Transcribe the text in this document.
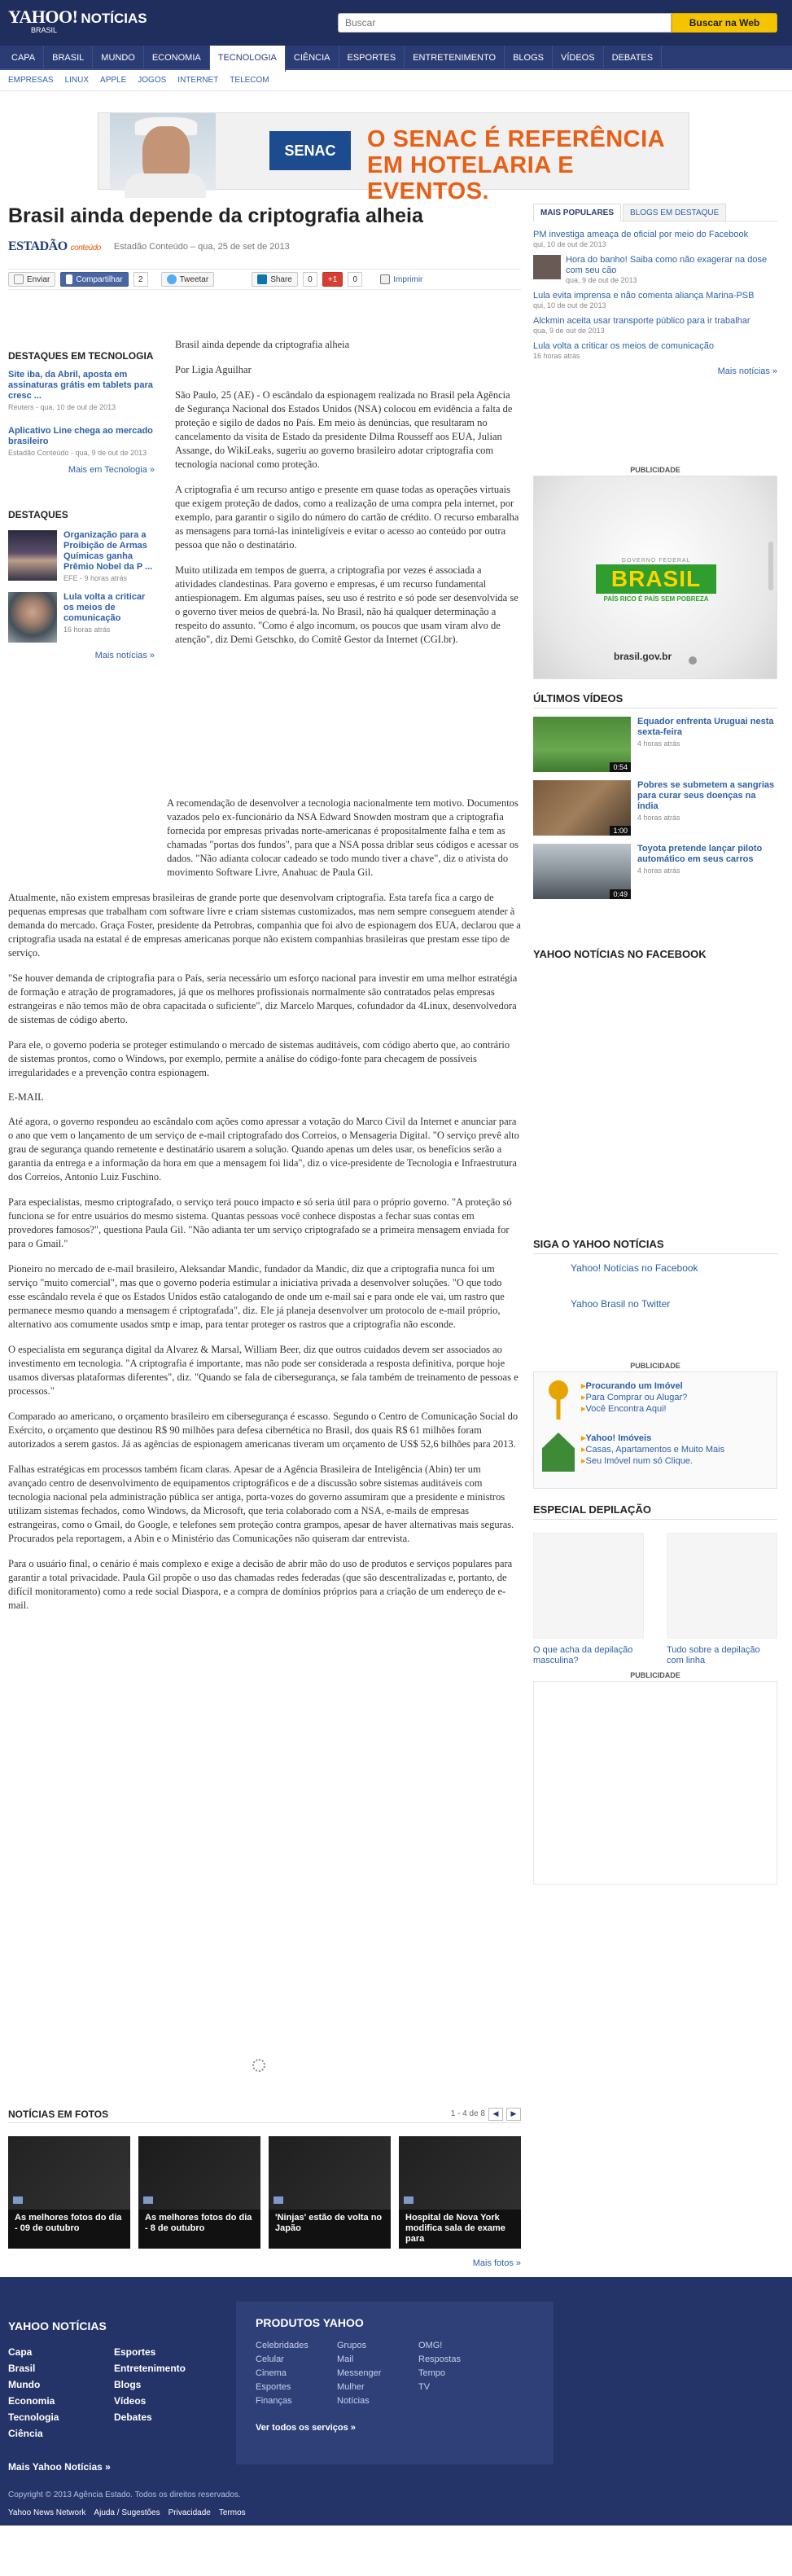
YAHOO! NOTÍCIAS
BRASIL
Buscar
Buscar na Web
CAPA	BRASIL	MUNDO	ECONOMIA	TECNOLOGIA	CIÊNCIA	ESPORTES	ENTRETENIMENTO	BLOGS	VÍDEOS	DEBATES
EMPRESAS LINUX APPLE JOGOS INTERNET TELECOM
SENAC	O SENAC É REFERÊNCIA
EM HOTELARIA E EVENTOS.
Brasil ainda depende da criptografia alheia
ESTADÃO conteúdo Estadão Conteúdo – qua, 25 de set de 2013
Enviar	Compartilhar	2	Tweetar	Share	0	+1	0	Imprimir
DESTAQUES EM TECNOLOGIA
Site iba, da Abril, aposta em assinaturas grátis em tablets para cresc ...
Reuters - qua, 10 de out de 2013
Aplicativo Line chega ao mercado brasileiro
Estadão Conteúdo - qua, 9 de out de 2013
Mais em Tecnologia »
DESTAQUES
Organização para a Proibição de Armas Químicas ganha Prêmio Nobel da P ...
EFE - 9 horas atrás
Lula volta a criticar os meios de comunicação
16 horas atrás
Mais notícias »

Brasil ainda depende da criptografia alheia

Por Ligia Aguilhar

São Paulo, 25 (AE) - O escândalo da espionagem realizada no Brasil pela Agência de Segurança Nacional dos Estados Unidos (NSA) colocou em evidência a falta de proteção e sigilo de dados no País. Em meio às denúncias, que resultaram no cancelamento da visita de Estado da presidente Dilma Rousseff aos EUA, Julian Assange, do WikiLeaks, sugeriu ao governo brasileiro adotar criptografia com tecnologia nacional como proteção.

A criptografia é um recurso antigo e presente em quase todas as operações virtuais que exigem proteção de dados, como a realização de uma compra pela internet, por exemplo, para garantir o sigilo do número do cartão de crédito. O recurso embaralha as mensagens para torná-las ininteligíveis e evitar o acesso ao conteúdo por outra pessoa que não o destinatário.

Muito utilizada em tempos de guerra, a criptografia por vezes é associada a atividades clandestinas. Para governo e empresas, é um recurso fundamental antiespionagem. Em algumas países, seu uso é restrito e só pode ser desenvolvida se o governo tiver meios de quebrá-la. No Brasil, não há qualquer determinação a respeito do assunto. "Como é algo incomum, os poucos que usam viram alvo de atenção", diz Demi Getschko, do Comitê Gestor da Internet (CGI.br).

A recomendação de desenvolver a tecnologia nacionalmente tem motivo. Documentos vazados pelo ex-funcionário da NSA Edward Snowden mostram que a criptografia fornecida por empresas privadas norte-americanas é propositalmente falha e tem as chamadas "portas dos fundos", para que a NSA possa driblar seus códigos e acessar os dados. "Não adianta colocar cadeado se todo mundo tiver a chave", diz o ativista do movimento Software Livre, Anahuac de Paula Gil.

Atualmente, não existem empresas brasileiras de grande porte que desenvolvam criptografia. Esta tarefa fica a cargo de pequenas empresas que trabalham com software livre e criam sistemas customizados, mas nem sempre conseguem atender à demanda do mercado. Graça Foster, presidente da Petrobras, companhia que foi alvo de espionagem dos EUA, declarou que a criptografia usada na estatal é de empresas americanas porque não existem companhias brasileiras que prestam esse tipo de serviço.

"Se houver demanda de criptografia para o País, seria necessário um esforço nacional para investir em uma melhor estratégia de formação e atração de programadores, já que os melhores profissionais normalmente são contratados pelas empresas estrangeiras e não temos mão de obra capacitada o suficiente", diz Marcelo Marques, cofundador da 4Linux, desenvolvedora de sistemas de código aberto.

Para ele, o governo poderia se proteger estimulando o mercado de sistemas auditáveis, com código aberto que, ao contrário de sistemas prontos, como o Windows, por exemplo, permite a análise do código-fonte para checagem de possíveis irregularidades e a prevenção contra espionagem.

E-MAIL

Até agora, o governo respondeu ao escândalo com ações como apressar a votação do Marco Civil da Internet e anunciar para o ano que vem o lançamento de um serviço de e-mail criptografado dos Correios, o Mensageria Digital. "O serviço prevê alto grau de segurança quando remetente e destinatário usarem a solução. Quando apenas um deles usar, os benefícios serão a garantia da entrega e a informação da hora em que a mensagem foi lida", diz o vice-presidente de Tecnologia e Infraestrutura dos Correios, Antonio Luiz Fuschino.

Para especialistas, mesmo criptografado, o serviço terá pouco impacto e só seria útil para o próprio governo. "A proteção só funciona se for entre usuários do mesmo sistema. Quantas pessoas você conhece dispostas a fechar suas contas em provedores famosos?", questiona Paula Gil. "Não adianta ter um serviço criptografado se a primeira mensagem enviada for para o Gmail."

Pioneiro no mercado de e-mail brasileiro, Aleksandar Mandic, fundador da Mandic, diz que a criptografia nunca foi um serviço "muito comercial", mas que o governo poderia estimular a iniciativa privada a desenvolver soluções. "O que todo esse escândalo revela é que os Estados Unidos estão catalogando de onde um e-mail sai e para onde ele vai, um rastro que permanece mesmo quando a mensagem é criptografada", diz. Ele já planeja desenvolver um protocolo de e-mail próprio, alternativo aos comumente usados smtp e imap, para tentar proteger os rastros que a criptografia não esconde.

O especialista em segurança digital da Alvarez & Marsal, William Beer, diz que outros cuidados devem ser associados ao investimento em tecnologia. "A criptografia é importante, mas não pode ser considerada a resposta definitiva, porque hoje usamos diversas plataformas diferentes", diz. "Quando se fala de cibersegurança, se fala também de treinamento de pessoas e processos."

Comparado ao americano, o orçamento brasileiro em cibersegurança é escasso. Segundo o Centro de Comunicação Social do Exército, o orçamento que destinou R$ 90 milhões para defesa cibernética no Brasil, dos quais R$ 61 milhões foram autorizados a serem gastos. Já as agências de espionagem americanas tiveram um orçamento de US$ 52,6 bilhões para 2013.

Falhas estratégicas em processos também ficam claras. Apesar de a Agência Brasileira de Inteligência (Abin) ter um avançado centro de desenvolvimento de equipamentos criptográficos e de a discussão sobre sistemas auditáveis com tecnologia nacional pela administração pública ser antiga, porta-vozes do governo assumiram que a presidente e ministros utilizam sistemas fechados, como Windows, da Microsoft, que teria colaborado com a NSA, e-mails de empresas estrangeiras, como o Gmail, do Google, e telefones sem proteção contra grampos, apesar de haver alternativas mais seguras. Procurados pela reportagem, a Abin e o Ministério das Comunicações não quiseram dar entrevista.

Para o usuário final, o cenário é mais complexo e exige a decisão de abrir mão do uso de produtos e serviços populares para garantir a total privacidade. Paula Gil propõe o uso das chamadas redes federadas (que são descentralizadas e, portanto, de difícil monitoramento) como a rede social Diaspora, e a compra de domínios próprios para a criação de um endereço de e-mail.

NOTÍCIAS EM FOTOS	1 - 4 de 8	◀	▶
As melhores fotos do dia - 09 de outubro
As melhores fotos do dia - 8 de outubro
'Ninjas' estão de volta no Japão
Hospital de Nova York modifica sala de exame para
Mais fotos »
MAIS POPULARES	BLOGS EM DESTAQUE
PM investiga ameaça de oficial por meio do Facebook
qui, 10 de out de 2013
Hora do banho! Saiba como não exagerar na dose com seu cão
qua, 9 de out de 2013
Lula evita imprensa e não comenta aliança Marina-PSB
qui, 10 de out de 2013
Alckmin aceita usar transporte público para ir trabalhar
qua, 9 de out de 2013
Lula volta a criticar os meios de comunicação
16 horas atrás
Mais notícias »
PUBLICIDADE
GOVERNO FEDERAL
BRASIL
PAÍS RICO É PAÍS SEM POBREZA
brasil.gov.br
ÚLTIMOS VÍDEOS
0:54
Equador enfrenta Uruguai nesta sexta-feira
4 horas atrás
1:00
Pobres se submetem a sangrias para curar seus doenças na índia
4 horas atrás
0:49
Toyota pretende lançar piloto automático em seus carros
4 horas atrás
YAHOO NOTÍCIAS NO FACEBOOK
SIGA O YAHOO NOTÍCIAS
Yahoo! Notícias no Facebook
Yahoo Brasil no Twitter
PUBLICIDADE
▸ Procurando um Imóvel
▸ Para Comprar ou Alugar?
▸ Você Encontra Aqui!
▸ Yahoo! Imóveis
▸ Casas, Apartamentos e Muito Mais
▸ Seu Imóvel num só Clique.
ESPECIAL DEPILAÇÃO
O que acha da depilação masculina?
Tudo sobre a depilação com linha
PUBLICIDADE
YAHOO NOTÍCIAS
Capa
Brasil
Mundo
Economia
Tecnologia
Ciência
Esportes
Entretenimento
Blogs
Vídeos
Debates
Mais Yahoo Notícias »
PRODUTOS YAHOO
Celebridades
Celular
Cinema
Esportes
Finanças
Grupos
Mail
Messenger
Mulher
Notícias
OMG!
Respostas
Tempo
TV
Ver todos os serviços »
Copyright © 2013 Agência Estado. Todos os direitos reservados.
Yahoo News Network Ajuda / Sugestões Privacidade Termos
